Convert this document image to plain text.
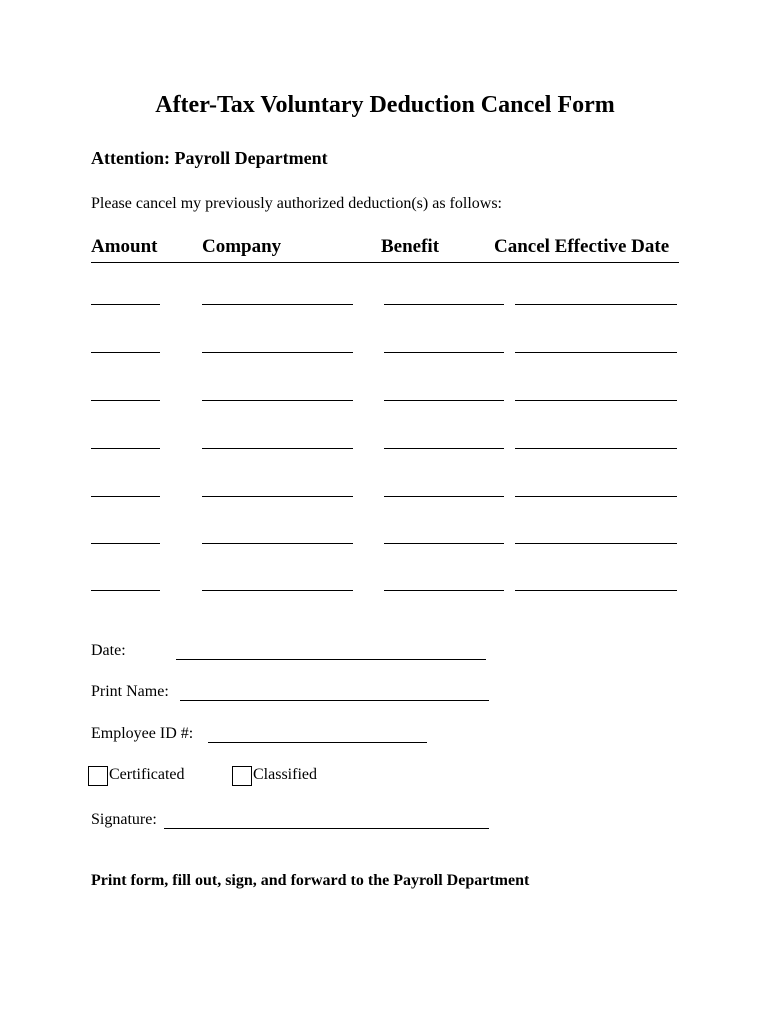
After-Tax Voluntary Deduction Cancel Form
Attention: Payroll Department
Please cancel my previously authorized deduction(s) as follows:
Amount Company	Benefit	Cancel Effective Date
Date:
Print Name:
Employee ID #:
Certificated	Classified
Signature:
Print form, fill out, sign, and forward to the Payroll Department
